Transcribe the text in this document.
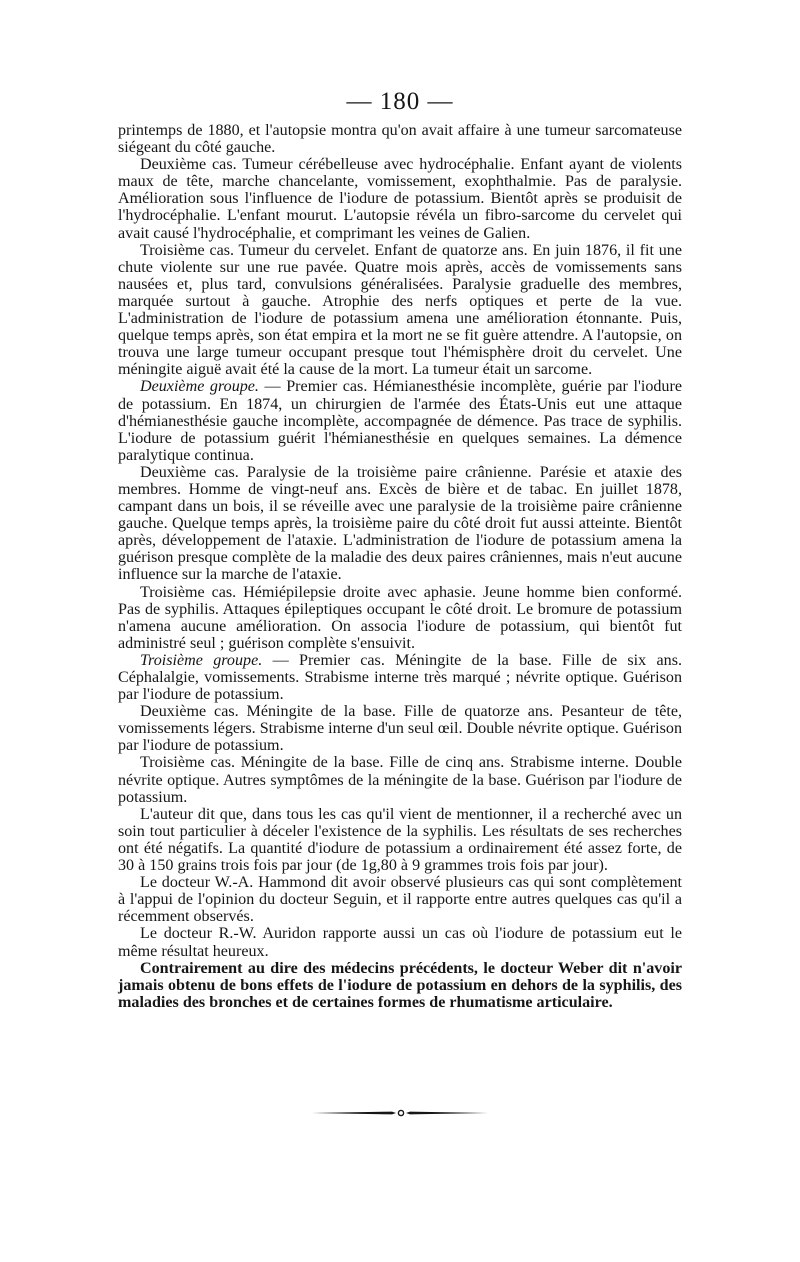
— 180 —

printemps de 1880, et l'autopsie montra qu'on avait affaire à une tumeur sarcomateuse siégeant du côté gauche.

Deuxième cas. Tumeur cérébelleuse avec hydrocéphalie. Enfant ayant de violents maux de tête, marche chancelante, vomissement, exophthalmie. Pas de paralysie. Amélioration sous l'influence de l'iodure de potassium. Bientôt après se produisit de l'hydrocéphalie. L'enfant mourut. L'autopsie révéla un fibro-sarcome du cervelet qui avait causé l'hydrocéphalie, et comprimant les veines de Galien.

Troisième cas. Tumeur du cervelet. Enfant de quatorze ans. En juin 1876, il fit une chute violente sur une rue pavée. Quatre mois après, accès de vomissements sans nausées et, plus tard, convulsions généralisées. Paralysie graduelle des membres, marquée surtout à gauche. Atrophie des nerfs optiques et perte de la vue. L'administration de l'iodure de potassium amena une amélioration étonnante. Puis, quelque temps après, son état empira et la mort ne se fit guère attendre. A l'autopsie, on trouva une large tumeur occupant presque tout l'hémisphère droit du cervelet. Une méningite aiguë avait été la cause de la mort. La tumeur était un sarcome.

Deuxième groupe. — Premier cas. Hémianesthésie incomplète, guérie par l'iodure de potassium. En 1874, un chirurgien de l'armée des États-Unis eut une attaque d'hémianesthésie gauche incomplète, accompagnée de démence. Pas trace de syphilis. L'iodure de potassium guérit l'hémianesthésie en quelques semaines. La démence paralytique continua.

Deuxième cas. Paralysie de la troisième paire crânienne. Parésie et ataxie des membres. Homme de vingt-neuf ans. Excès de bière et de tabac. En juillet 1878, campant dans un bois, il se réveille avec une paralysie de la troisième paire crânienne gauche. Quelque temps après, la troisième paire du côté droit fut aussi atteinte. Bientôt après, développement de l'ataxie. L'administration de l'iodure de potassium amena la guérison presque complète de la maladie des deux paires crâniennes, mais n'eut aucune influence sur la marche de l'ataxie.

Troisième cas. Hémiépilepsie droite avec aphasie. Jeune homme bien conformé. Pas de syphilis. Attaques épileptiques occupant le côté droit. Le bromure de potassium n'amena aucune amélioration. On associa l'iodure de potassium, qui bientôt fut administré seul ; guérison complète s'ensuivit.

Troisième groupe. — Premier cas. Méningite de la base. Fille de six ans. Céphalalgie, vomissements. Strabisme interne très marqué ; névrite optique. Guérison par l'iodure de potassium.

Deuxième cas. Méningite de la base. Fille de quatorze ans. Pesanteur de tête, vomissements légers. Strabisme interne d'un seul œil. Double névrite optique. Guérison par l'iodure de potassium.

Troisième cas. Méningite de la base. Fille de cinq ans. Strabisme interne. Double névrite optique. Autres symptômes de la méningite de la base. Guérison par l'iodure de potassium.

L'auteur dit que, dans tous les cas qu'il vient de mentionner, il a recherché avec un soin tout particulier à déceler l'existence de la syphilis. Les résultats de ses recherches ont été négatifs. La quantité d'iodure de potassium a ordinairement été assez forte, de 30 à 150 grains trois fois par jour (de 1g,80 à 9 grammes trois fois par jour).

Le docteur W.-A. Hammond dit avoir observé plusieurs cas qui sont complètement à l'appui de l'opinion du docteur Seguin, et il rapporte entre autres quelques cas qu'il a récemment observés.

Le docteur R.-W. Auridon rapporte aussi un cas où l'iodure de potassium eut le même résultat heureux.

Contrairement au dire des médecins précédents, le docteur Weber dit n'avoir jamais obtenu de bons effets de l'iodure de potassium en dehors de la syphilis, des maladies des bronches et de certaines formes de rhumatisme articulaire.
